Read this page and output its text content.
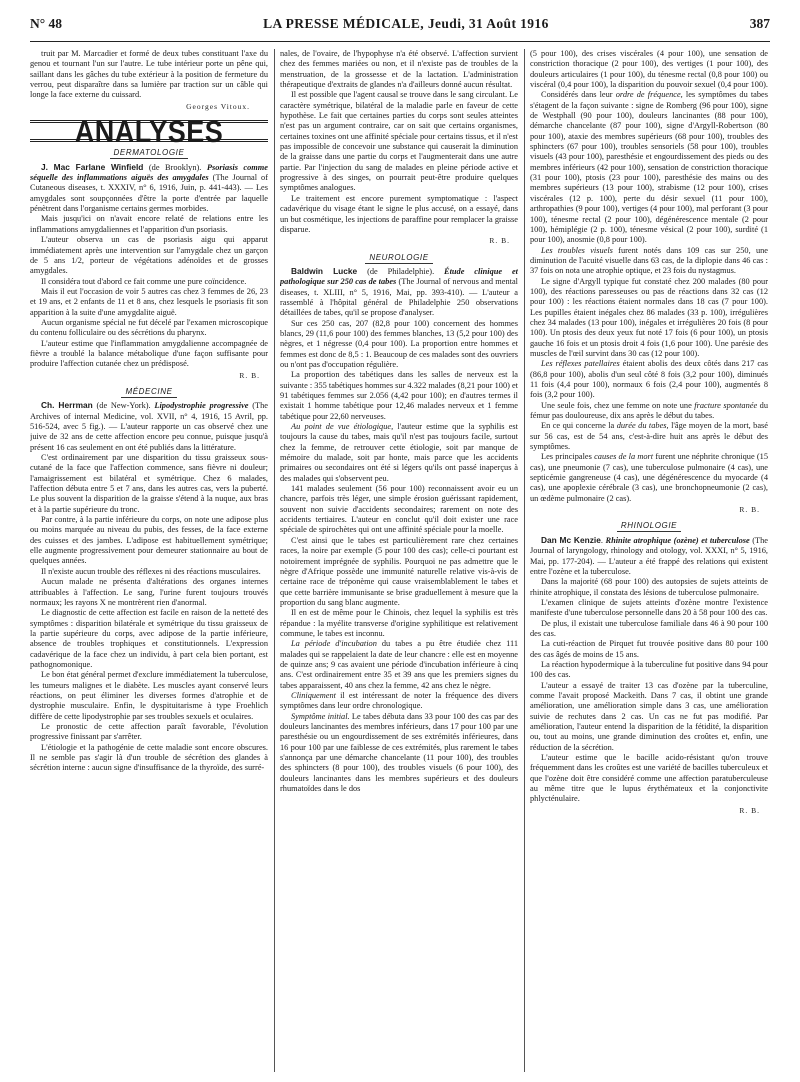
N° 48	LA PRESSE MÉDICALE, Jeudi, 31 Août 1916	387

truit par M. Marcadier et formé de deux tubes constituant l'axe du genou et tournant l'un sur l'autre. Le tube intérieur porte un pêne qui, saillant dans les gâches du tube extérieur à la position de fermeture du verrou, peut disparaître dans sa lumière par traction sur un câble qui longe la face externe du cuissard.

Georges Vitoux.
ANALYSES
DERMATOLOGIE

J. Mac Farlane Winfield (de Brooklyn). Psoriasis comme séquelle des inflammations aiguës des amygdales (The Journal of Cutaneous diseases, t. XXXIV, n° 6, 1916, Juin, p. 441-443). — Les amygdales sont soupçonnées d'être la porte d'entrée par laquelle pénètrent dans l'organisme certains germes morbides.

Mais jusqu'ici on n'avait encore relaté de relations entre les inflammations amygdaliennes et l'apparition d'un psoriasis.

L'auteur observa un cas de psoriasis aigu qui apparut immédiatement après une intervention sur l'amygdale chez un garçon de 5 ans 1/2, porteur de végétations adénoïdes et de grosses amygdales.

Il considéra tout d'abord ce fait comme une pure coïncidence.

Mais il eut l'occasion de voir 5 autres cas chez 3 femmes de 26, 23 et 19 ans, et 2 enfants de 11 et 8 ans, chez lesquels le psoriasis fit son apparition à la suite d'une amygdalite aiguë.

Aucun organisme spécial ne fut décelé par l'examen microscopique du contenu folliculaire ou des sécrétions du pharynx.

L'auteur estime que l'inflammation amygdalienne accompagnée de fièvre a troublé la balance métabolique d'une façon suffisante pour produire l'affection cutanée chez un prédisposé.

R. B.
MÉDECINE

Ch. Herrman (de New-York). Lipodystrophie progressive (The Archives of internal Medicine, vol. XVII, n° 4, 1916, 15 Avril, pp. 516-524, avec 5 fig.). — L'auteur rapporte un cas observé chez une juive de 32 ans de cette affection encore peu connue, puisque jusqu'à présent 16 cas seulement en ont été publiés dans la littérature.

C'est ordinairement par une disparition du tissu graisseux sous-cutané de la face que l'affection commence, sans fièvre ni douleur; l'amaigrissement est bilatéral et symétrique. Chez 6 malades, l'affection débuta entre 5 et 7 ans, dans les autres cas, vers la puberté. Le plus souvent la disparition de la graisse s'étend à la nuque, aux bras et à la partie supérieure du tronc.

Par contre, à la partie inférieure du corps, on note une adipose plus ou moins marquée au niveau du pubis, des fesses, de la face externe des cuisses et des jambes. L'adipose est habituellement symétrique; elle augmente progressivement pour demeurer stationnaire au bout de quelques années.

Il n'existe aucun trouble des réflexes ni des réactions musculaires.

Aucun malade ne présenta d'altérations des organes internes attribuables à l'affection. Le sang, l'urine furent toujours trouvés normaux; les rayons X ne montrèrent rien d'anormal.

Le diagnostic de cette affection est facile en raison de la netteté des symptômes : disparition bilatérale et symétrique du tissu graisseux de la partie supérieure du corps, avec adipose de la partie inférieure, absence de troubles trophiques et constitutionnels. L'expression cadavérique de la face chez un individu, à part cela bien portant, est pathognomonique.

Le bon état général permet d'exclure immédiatement la tuberculose, les tumeurs malignes et le diabète. Les muscles ayant conservé leurs réactions, on peut éliminer les diverses formes d'atrophie et de dystrophie musculaire. Enfin, le dyspituitarisme à type Froehlich diffère de cette lipodystrophie par ses troubles sexuels et oculaires.

Le pronostic de cette affection paraît favorable, l'évolution progressive finissant par s'arrêter.

L'étiologie et la pathogénie de cette maladie sont encore obscures. Il ne semble pas s'agir là d'un trouble de sécrétion des glandes à sécrétion interne : aucun signe d'insuffisance de la thyroïde, des surré-

nales, de l'ovaire, de l'hypophyse n'a été observé. L'affection survient chez des femmes mariées ou non, et il n'existe pas de troubles de la menstruation, de la grossesse et de la lactation. L'administration thérapeutique d'extraits de glandes n'a d'ailleurs donné aucun résultat.

Il est possible que l'agent causal se trouve dans le sang circulant. Le caractère symétrique, bilatéral de la maladie parle en faveur de cette hypothèse. Le fait que certaines parties du corps sont seules atteintes n'est pas un argument contraire, car on sait que certains organismes, certaines toxines ont une affinité spéciale pour certains tissus, et il n'est pas impossible de concevoir une substance qui causerait la diminution de la graisse dans une partie du corps et l'augmenterait dans une autre partie. Par l'injection du sang de malades en pleine période active et progressive à des singes, on pourrait peut-être produire quelques symptômes analogues.

Le traitement est encore purement symptomatique : l'aspect cadavérique du visage étant le signe le plus accusé, on a essayé, dans un but cosmétique, les injections de paraffine pour remplacer la graisse disparue.

R. B.
NEUROLOGIE

Baldwin Lucke (de Philadelphie). Étude clinique et pathologique sur 250 cas de tabes (The Journal of nervous and mental diseases, t. XLIII, n° 5, 1916, Mai, pp. 393-410). — L'auteur a rassemblé à l'hôpital général de Philadelphie 250 observations détaillées de tabes, qu'il se propose d'analyser.

Sur ces 250 cas, 207 (82,8 pour 100) concernent des hommes blancs, 29 (11,6 pour 100) des femmes blanches, 13 (5,2 pour 100) des nègres, et 1 négresse (0,4 pour 100). La proportion entre hommes et femmes est donc de 8,5 : 1. Beaucoup de ces malades sont des ouvriers ou n'ont pas d'occupation régulière.

La proportion des tabétiques dans les salles de nerveux est la suivante : 355 tabétiques hommes sur 4.322 malades (8,21 pour 100) et 91 tabétiques femmes sur 2.056 (4,42 pour 100); en d'autres termes il existait 1 homme tabétique pour 12,46 malades nerveux et 1 femme tabétique pour 22,60 nerveuses.

Au point de vue étiologique, l'auteur estime que la syphilis est toujours la cause du tabes, mais qu'il n'est pas toujours facile, surtout chez la femme, de retrouver cette étiologie, soit par manque de mémoire du malade, soit par honte, mais parce que les accidents primaires ou secondaires ont été si légers qu'ils ont passé inaperçus à des malades qui s'observent peu.

141 malades seulement (56 pour 100) reconnaissent avoir eu un chancre, parfois très léger, une simple érosion guérissant rapidement, souvent non suivie d'accidents secondaires; rarement on note des accidents tertiaires. L'auteur en conclut qu'il doit exister une race spéciale de spirochètes qui ont une affinité spéciale pour la moelle.

C'est ainsi que le tabes est particulièrement rare chez certaines races, la noire par exemple (5 pour 100 des cas); celle-ci pourtant est notoirement imprégnée de syphilis. Pourquoi ne pas admettre que le nègre d'Afrique possède une immunité naturelle relative vis-à-vis de certaine race de tréponème qui cause vraisemblablement le tabes et que cette barrière immunisante se brise graduellement à mesure que la proportion du sang blanc augmente.

Il en est de même pour le Chinois, chez lequel la syphilis est très répandue : la myélite transverse d'origine syphilitique est relativement commune, le tabes est inconnu.

La période d'incubation du tabes a pu être étudiée chez 111 malades qui se rappelaient la date de leur chancre : elle est en moyenne de quinze ans; 9 cas avaient une période d'incubation inférieure à cinq ans. C'est ordinairement entre 35 et 39 ans que les premiers signes du tabes apparaissent, 40 ans chez la femme, 42 ans chez le nègre.

Cliniquement il est intéressant de noter la fréquence des divers symptômes dans leur ordre chronologique.

Symptôme initial. Le tabes débuta dans 33 pour 100 des cas par des douleurs lancinantes des membres inférieurs, dans 17 pour 100 par une paresthésie ou un engourdissement de ses extrémités inférieures, dans 16 pour 100 par une faiblesse de ces extrémités, plus rarement le tabes s'annonça par une démarche chancelante (11 pour 100), des troubles des sphincters (8 pour 100), des troubles visuels (6 pour 100), des douleurs lancinantes dans les membres supérieurs et des douleurs rhumatoïdes dans le dos

(5 pour 100), des crises viscérales (4 pour 100), une sensation de constriction thoracique (2 pour 100), des vertiges (1 pour 100), des douleurs articulaires (1 pour 100), du ténesme rectal (0,8 pour 100) ou viscéral (0,4 pour 100), la disparition du pouvoir sexuel (0,4 pour 100).

Considérés dans leur ordre de fréquence, les symptômes du tabes s'étagent de la façon suivante : signe de Romberg (96 pour 100), signe de Westphall (90 pour 100), douleurs lancinantes (88 pour 100), démarche chancelante (87 pour 100), signe d'Argyll-Robertson (80 pour 100), ataxie des membres supérieurs (68 pour 100), troubles des sphincters (67 pour 100), troubles sensoriels (58 pour 100), troubles visuels (43 pour 100), paresthésie et engourdissement des pieds ou des membres inférieurs (42 pour 100), sensation de constriction thoracique (31 pour 100), ptosis (23 pour 100), paresthésie des mains ou des membres supérieurs (13 pour 100), strabisme (12 pour 100), crises viscérales (12 p. 100), perte du désir sexuel (11 pour 100), arthropathies (9 pour 100), vertiges (4 pour 100), mal perforant (3 pour 100), ténesme rectal (2 pour 100), dégénérescence mentale (2 pour 100), hémiplégie (2 p. 100), ténesme vésical (2 pour 100), surdité (1 pour 100), anosmie (0,8 pour 100).

Les troubles visuels furent notés dans 109 cas sur 250, une diminution de l'acuité visuelle dans 63 cas, de la diplopie dans 46 cas : 37 fois on nota une atrophie optique, et 23 fois du nystagmus.

Le signe d'Argyll typique fut constaté chez 200 malades (80 pour 100), des réactions paresseuses ou pas de réactions dans 32 cas (12 pour 100) : les réactions étaient normales dans 18 cas (7 pour 100). Les pupilles étaient inégales chez 86 malades (33 p. 100), irrégulières chez 34 malades (13 pour 100), inégales et irrégulières 20 fois (8 pour 100). Un ptosis des deux yeux fut noté 17 fois (6 pour 100), un ptosis gauche 16 fois et un ptosis droit 4 fois (1,6 pour 100). Une parésie des muscles de l'œil survint dans 30 cas (12 pour 100).

Les réflexes patellaires étaient abolis des deux côtés dans 217 cas (86,8 pour 100), abolis d'un seul côté 8 fois (3,2 pour 100), diminués 11 fois (4,4 pour 100), normaux 6 fois (2,4 pour 100), augmentés 8 fois (3,2 pour 100).

Une seule fois, chez une femme on note une fracture spontanée du fémur pas douloureuse, dix ans après le début du tabes.

En ce qui concerne la durée du tabes, l'âge moyen de la mort, basé sur 56 cas, est de 54 ans, c'est-à-dire huit ans après le début des symptômes.

Les principales causes de la mort furent une néphrite chronique (15 cas), une pneumonie (7 cas), une tuberculose pulmonaire (4 cas), une septicémie gangreneuse (4 cas), une dégénérescence du myocarde (4 cas), une apoplexie cérébrale (3 cas), une bronchopneumonie (2 cas), un œdème pulmonaire (2 cas).

R. B.
RHINOLOGIE

Dan Mc Kenzie. Rhinite atrophique (ozène) et tuberculose (The Journal of laryngology, rhinology and otology, vol. XXXI, n° 5, 1916, Mai, pp. 177-204). — L'auteur a été frappé des relations qui existent entre l'ozène et la tuberculose.

Dans la majorité (68 pour 100) des autopsies de sujets atteints de rhinite atrophique, il constata des lésions de tuberculose pulmonaire.

L'examen clinique de sujets atteints d'ozène montre l'existence manifeste d'une tuberculose personnelle dans 20 à 58 pour 100 des cas.

De plus, il existait une tuberculose familiale dans 46 à 90 pour 100 des cas.

La cuti-réaction de Pirquet fut trouvée positive dans 80 pour 100 des cas âgés de moins de 15 ans.

La réaction hypodermique à la tuberculine fut positive dans 94 pour 100 des cas.

L'auteur a essayé de traiter 13 cas d'ozène par la tuberculine, comme l'avait proposé Mackeith. Dans 7 cas, il obtint une grande amélioration, une amélioration simple dans 3 cas, une amélioration suivie de rechutes dans 2 cas. Un cas ne fut pas modifié. Par amélioration, l'auteur entend la disparition de la fétidité, la disparition ou, tout au moins, une grande diminution des croûtes et, enfin, une réduction de la sécrétion.

L'auteur estime que le bacille acido-résistant qu'on trouve fréquemment dans les croûtes est une variété de bacilles tuberculeux et que l'ozène doit être considéré comme une affection paratuberculeuse au même titre que le lupus érythémateux et la conjonctivite phlycténulaire.

R. B.
